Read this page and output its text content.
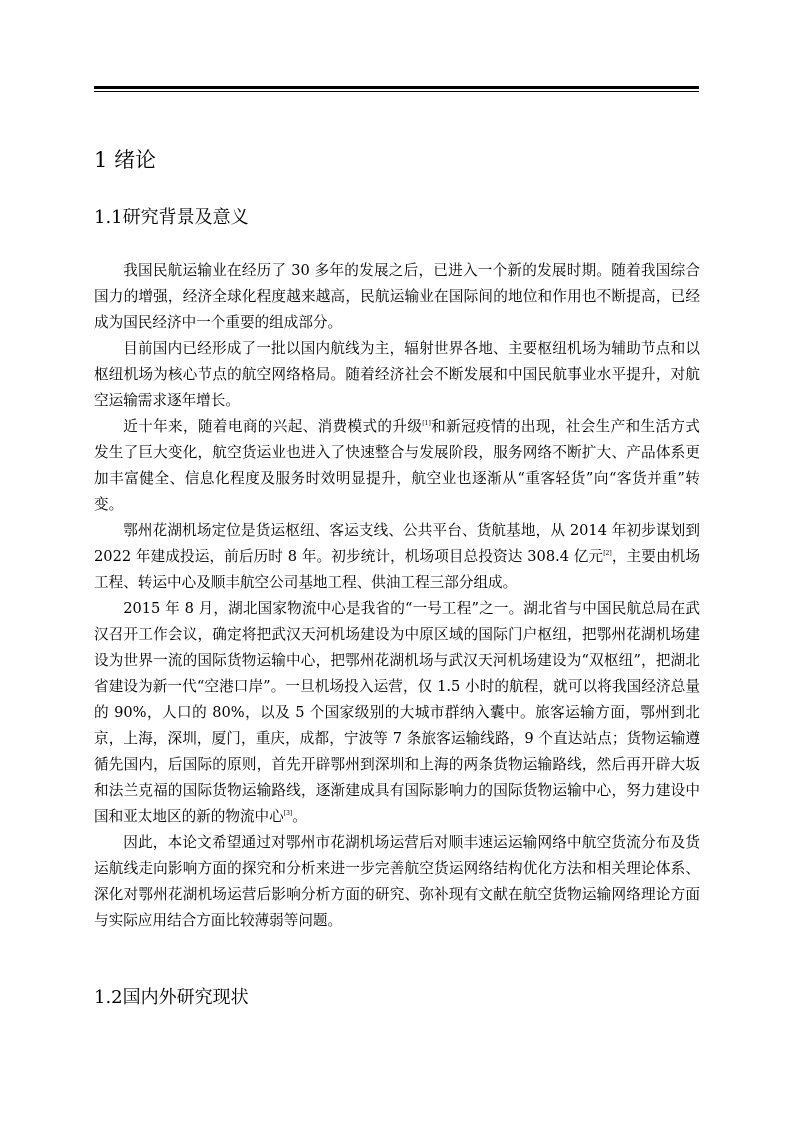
1 绪论
1.1研究背景及意义

我国民航运输业在经历了 30 多年的发展之后，已进入一个新的发展时期。随着我国综合国力的增强，经济全球化程度越来越高，民航运输业在国际间的地位和作用也不断提高，已经成为国民经济中一个重要的组成部分。

目前国内已经形成了一批以国内航线为主，辐射世界各地、主要枢纽机场为辅助节点和以枢纽机场为核心节点的航空网络格局。随着经济社会不断发展和中国民航事业水平提升，对航空运输需求逐年增长。

近十年来，随着电商的兴起、消费模式的升级[1]和新冠疫情的出现，社会生产和生活方式发生了巨大变化，航空货运业也进入了快速整合与发展阶段，服务网络不断扩大、产品体系更加丰富健全、信息化程度及服务时效明显提升，航空业也逐渐从“重客轻货”向“客货并重”转变。

鄂州花湖机场定位是货运枢纽、客运支线、公共平台、货航基地，从 2014 年初步谋划到 2022 年建成投运，前后历时 8 年。初步统计，机场项目总投资达 308.4 亿元[2]，主要由机场工程、转运中心及顺丰航空公司基地工程、供油工程三部分组成。

2015 年 8 月，湖北国家物流中心是我省的“一号工程”之一。湖北省与中国民航总局在武汉召开工作会议，确定将把武汉天河机场建设为中原区域的国际门户枢纽，把鄂州花湖机场建设为世界一流的国际货物运输中心，把鄂州花湖机场与武汉天河机场建设为“双枢纽”，把湖北省建设为新一代“空港口岸”。一旦机场投入运营，仅 1.5 小时的航程，就可以将我国经济总量的 90%，人口的 80%，以及 5 个国家级别的大城市群纳入囊中。旅客运输方面，鄂州到北京，上海，深圳，厦门，重庆，成都，宁波等 7 条旅客运输线路，9 个直达站点；货物运输遵循先国内，后国际的原则，首先开辟鄂州到深圳和上海的两条货物运输路线，然后再开辟大坂和法兰克福的国际货物运输路线，逐渐建成具有国际影响力的国际货物运输中心，努力建设中国和亚太地区的新的物流中心[3]。

因此，本论文希望通过对鄂州市花湖机场运营后对顺丰速运运输网络中航空货流分布及货运航线走向影响方面的探究和分析来进一步完善航空货运网络结构优化方法和相关理论体系、深化对鄂州花湖机场运营后影响分析方面的研究、弥补现有文献在航空货物运输网络理论方面与实际应用结合方面比较薄弱等问题。

1.2国内外研究现状
